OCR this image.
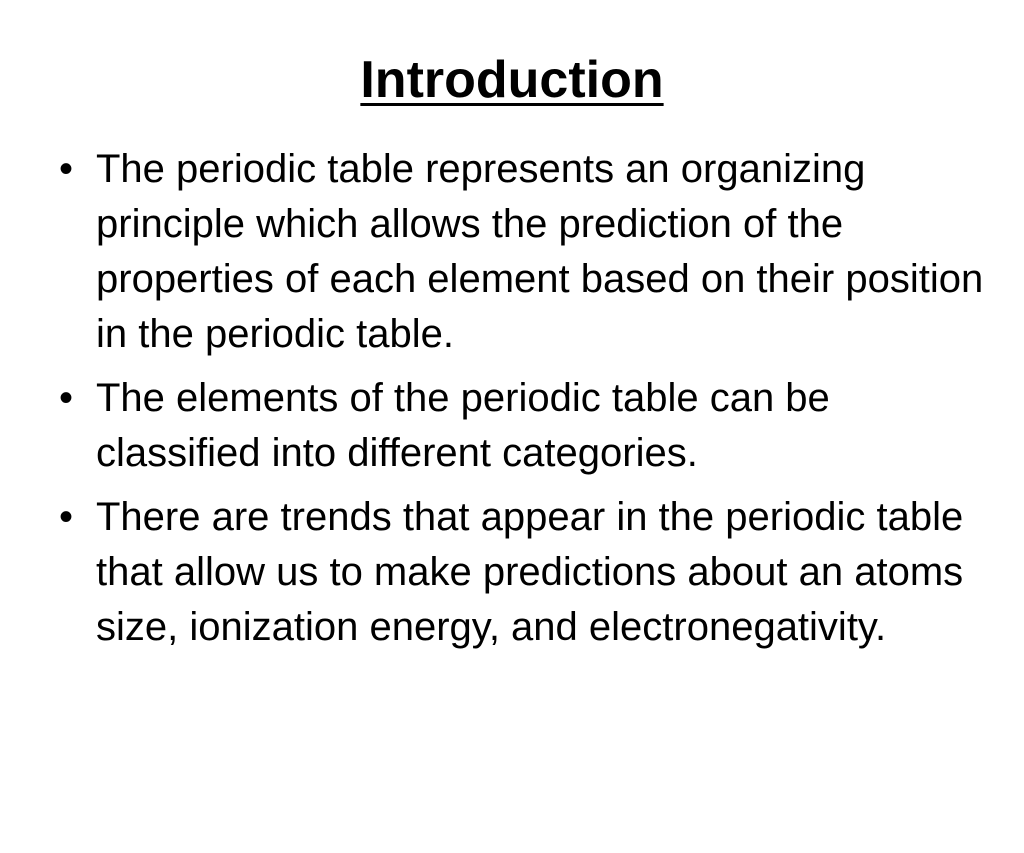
Introduction
• The periodic table represents an organizing principle which allows the prediction of the properties of each element based on their position in the periodic table.
• The elements of the periodic table can be classified into different categories.
• There are trends that appear in the periodic table that allow us to make predictions about an atoms size, ionization energy, and electronegativity.
